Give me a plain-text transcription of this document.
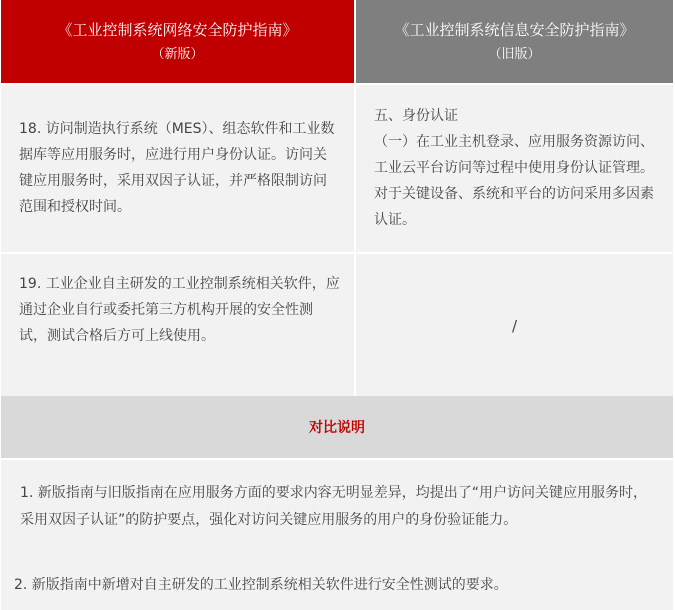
《工业控制系统网络安全防护指南》
（新版）
《工业控制系统信息安全防护指南》
（旧版）
18. 访问制造执行系统（MES）、组态软件和工业数据库等应用服务时，应进行用户身份认证。访问关键应用服务时，采用双因子认证，并严格限制访问范围和授权时间。
五、身份认证
（一）在工业主机登录、应用服务资源访问、工业云平台访问等过程中使用身份认证管理。对于关键设备、系统和平台的访问采用多因素认证。
19. 工业企业自主研发的工业控制系统相关软件，应通过企业自行或委托第三方机构开展的安全性测试，测试合格后方可上线使用。
/
对比说明
1. 新版指南与旧版指南在应用服务方面的要求内容无明显差异，均提出了“用户访问关键应用服务时，采用双因子认证”的防护要点，强化对访问关键应用服务的用户的身份验证能力。
2. 新版指南中新增对自主研发的工业控制系统相关软件进行安全性测试的要求。
